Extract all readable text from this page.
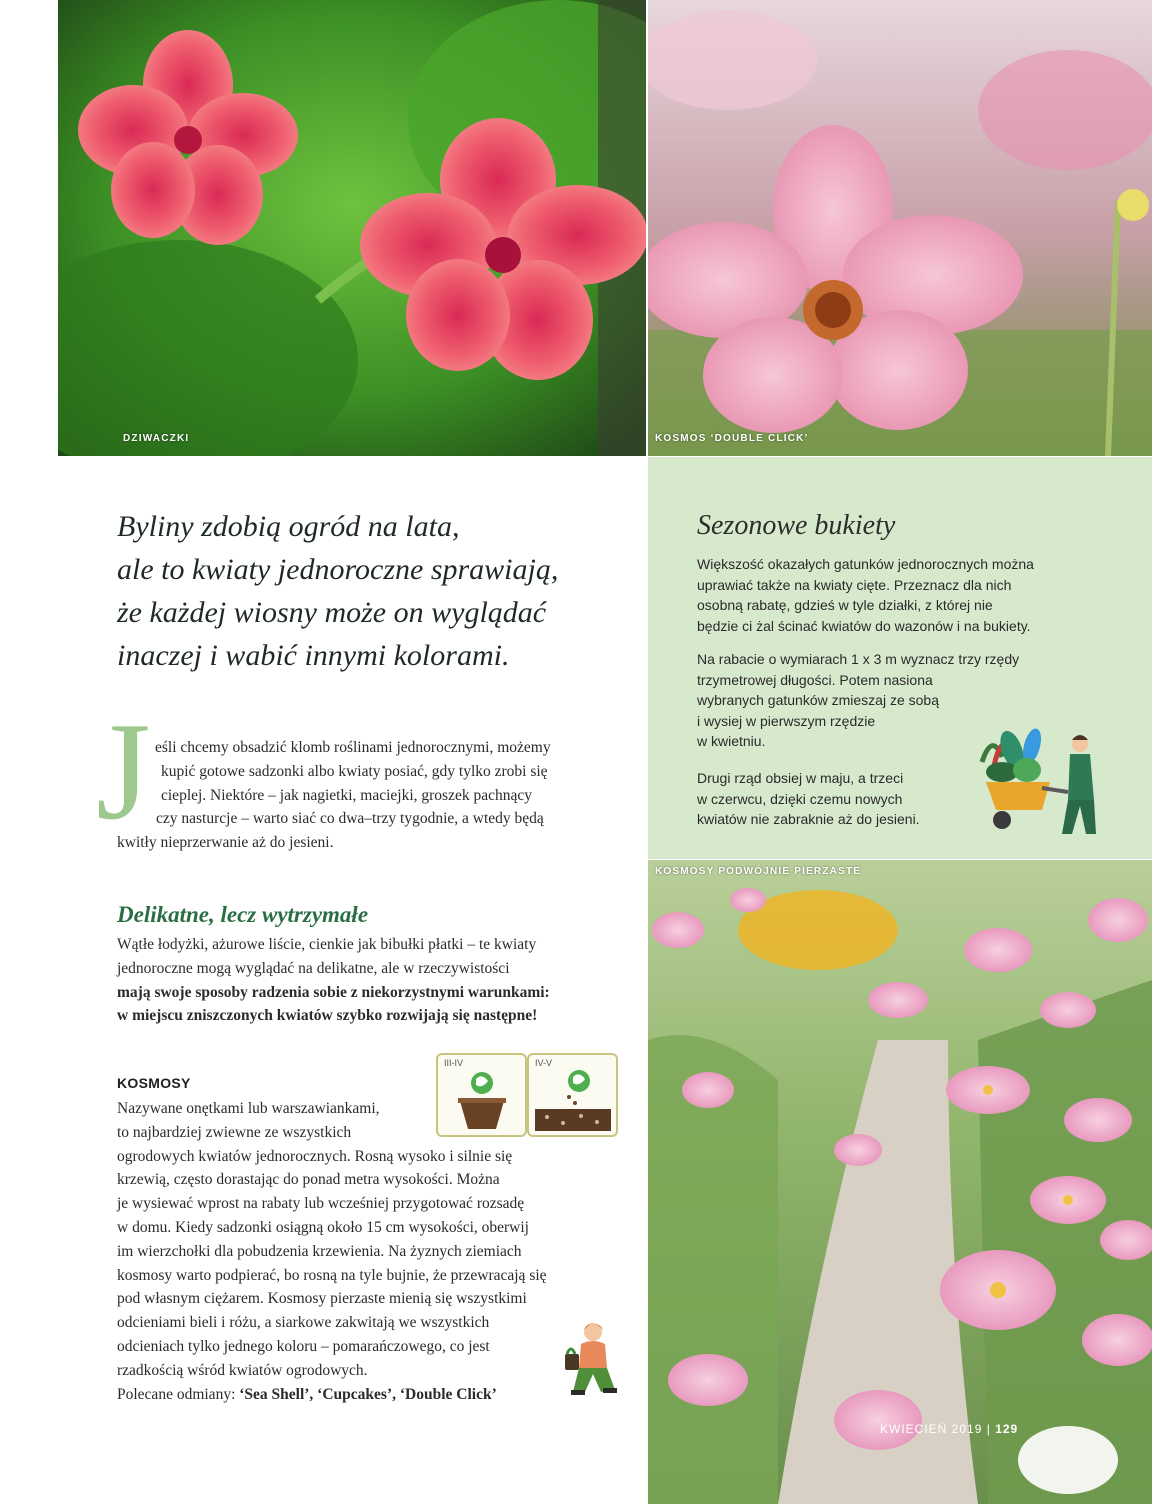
DZIWACZKI	KOSMOS ‘DOUBLE CLICK’
Byliny zdobią ogród na lata,
ale to kwiaty jednoroczne sprawiają,
że każdej wiosny może on wyglądać
inaczej i wabić innymi kolorami.
J eśli chcemy obsadzić klomb roślinami jednorocznymi, możemy
kupić gotowe sadzonki albo kwiaty posiać, gdy tylko zrobi się
cieplej. Niektóre – jak nagietki, maciejki, groszek pachnący
czy nasturcje – warto siać co dwa–trzy tygodnie, a wtedy będą
kwitły nieprzerwanie aż do jesieni.
Delikatne, lecz wytrzymałe
Wątłe łodyżki, ażurowe liście, cienkie jak bibułki płatki – te kwiaty
jednoroczne mogą wyglądać na delikatne, ale w rzeczywistości
mają swoje sposoby radzenia sobie z niekorzystnymi warunkami:
w miejscu zniszczonych kwiatów szybko rozwijają się następne!
KOSMOSY
III-IV	IV-V
Nazywane onętkami lub warszawiankami,
to najbardziej zwiewne ze wszystkich
ogrodowych kwiatów jednorocznych. Rosną wysoko i silnie się
krzewią, często dorastając do ponad metra wysokości. Można
je wysiewać wprost na rabaty lub wcześniej przygotować rozsadę
w domu. Kiedy sadzonki osiągną około 15 cm wysokości, oberwij
im wierzchołki dla pobudzenia krzewienia. Na żyznych ziemiach
kosmosy warto podpierać, bo rosną na tyle bujnie, że przewracają się
pod własnym ciężarem. Kosmosy pierzaste mienią się wszystkimi
odcieniami bieli i różu, a siarkowe zakwitają we wszystkich
odcieniach tylko jednego koloru – pomarańczowego, co jest
rzadkością wśród kwiatów ogrodowych.
Polecane odmiany: ‘Sea Shell’, ‘Cupcakes’, ‘Double Click’
Sezonowe bukiety
Większość okazałych gatunków jednorocznych można
uprawiać także na kwiaty cięte. Przeznacz dla nich
osobną rabatę, gdzieś w tyle działki, z której nie
będzie ci żal ścinać kwiatów do wazonów i na bukiety.
Na rabacie o wymiarach 1 x 3 m wyznacz trzy rzędy
trzymetrowej długości. Potem nasiona
wybranych gatunków zmieszaj ze sobą
i wysiej w pierwszym rzędzie
w kwietniu.
Drugi rząd obsiej w maju, a trzeci
w czerwcu, dzięki czemu nowych
kwiatów nie zabraknie aż do jesieni.
KOSMOSY PODWÓJNIE PIERZASTE
KWIECIEŃ 2019 | 129
